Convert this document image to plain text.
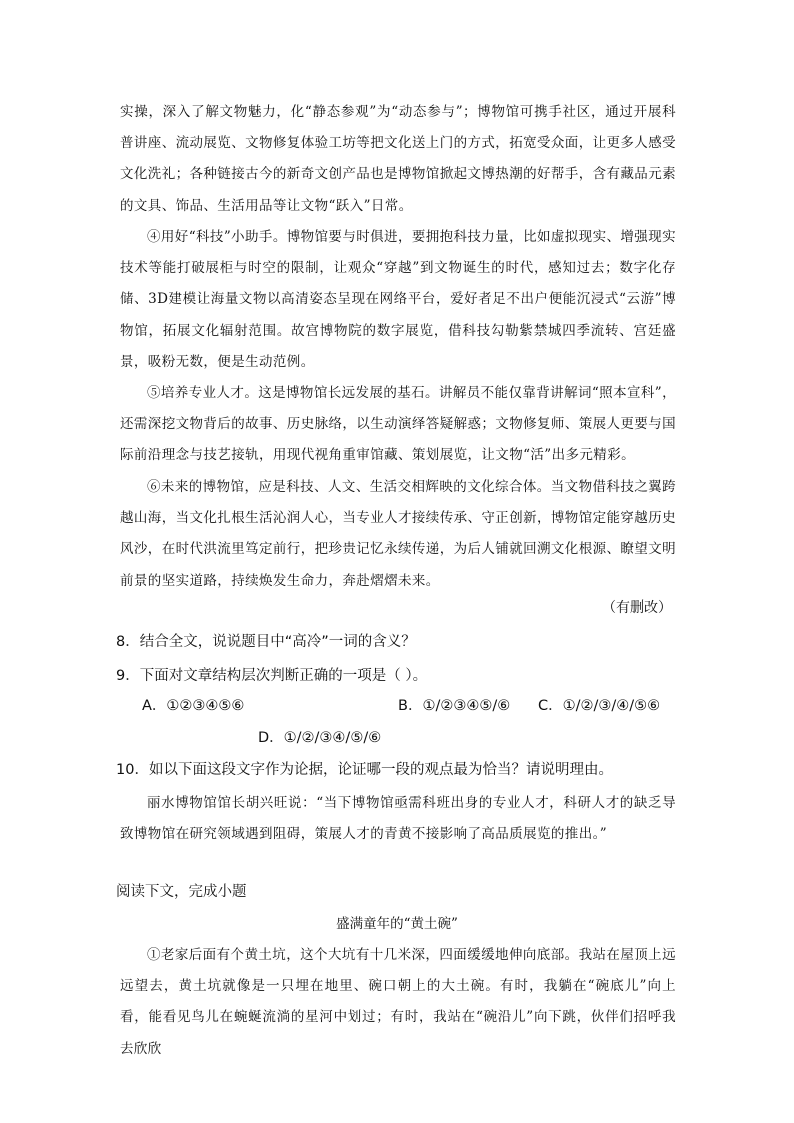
实操，深入了解文物魅力，化“静态参观”为“动态参与”；博物馆可携手社区，通过开展科普讲座、流动展览、文物修复体验工坊等把文化送上门的方式，拓宽受众面，让更多人感受文化洗礼；各种链接古今的新奇文创产品也是博物馆掀起文博热潮的好帮手，含有藏品元素的文具、饰品、生活用品等让文物“跃入”日常。
④用好“科技”小助手。博物馆要与时俱进，要拥抱科技力量，比如虚拟现实、增强现实技术等能打破展柜与时空的限制，让观众“穿越”到文物诞生的时代，感知过去；数字化存储、3D建模让海量文物以高清姿态呈现在网络平台，爱好者足不出户便能沉浸式“云游”博物馆，拓展文化辐射范围。故宫博物院的数字展览，借科技勾勒紫禁城四季流转、宫廷盛景，吸粉无数，便是生动范例。
⑤培养专业人才。这是博物馆长远发展的基石。讲解员不能仅靠背讲解词“照本宣科”，还需深挖文物背后的故事、历史脉络，以生动演绎答疑解惑；文物修复师、策展人更要与国际前沿理念与技艺接轨，用现代视角重审馆藏、策划展览，让文物“活”出多元精彩。
⑥未来的博物馆，应是科技、人文、生活交相辉映的文化综合体。当文物借科技之翼跨越山海，当文化扎根生活沁润人心，当专业人才接续传承、守正创新，博物馆定能穿越历史风沙，在时代洪流里笃定前行，把珍贵记忆永续传递，为后人铺就回溯文化根源、瞭望文明前景的坚实道路，持续焕发生命力，奔赴熠熠未来。
（有删改）
8．结合全文，说说题目中“高冷”一词的含义？
9．下面对文章结构层次判断正确的一项是（ ）。
A．①②③④⑤⑥	B．①/②③④⑤/⑥ C．①/②/③/④/⑤⑥
D．①/②/③④/⑤/⑥
10．如以下面这段文字作为论据，论证哪一段的观点最为恰当？请说明理由。
丽水博物馆馆长胡兴旺说：“当下博物馆亟需科班出身的专业人才，科研人才的缺乏导致博物馆在研究领域遇到阻碍，策展人才的青黄不接影响了高品质展览的推出。”
阅读下文，完成小题
盛满童年的“黄土碗”
①老家后面有个黄土坑，这个大坑有十几米深，四面缓缓地伸向底部。我站在屋顶上远远望去，黄土坑就像是一只埋在地里、碗口朝上的大土碗。有时，我躺在“碗底儿”向上看，能看见鸟儿在蜿蜒流淌的星河中划过；有时，我站在“碗沿儿”向下跳，伙伴们招呼我去欣欣
